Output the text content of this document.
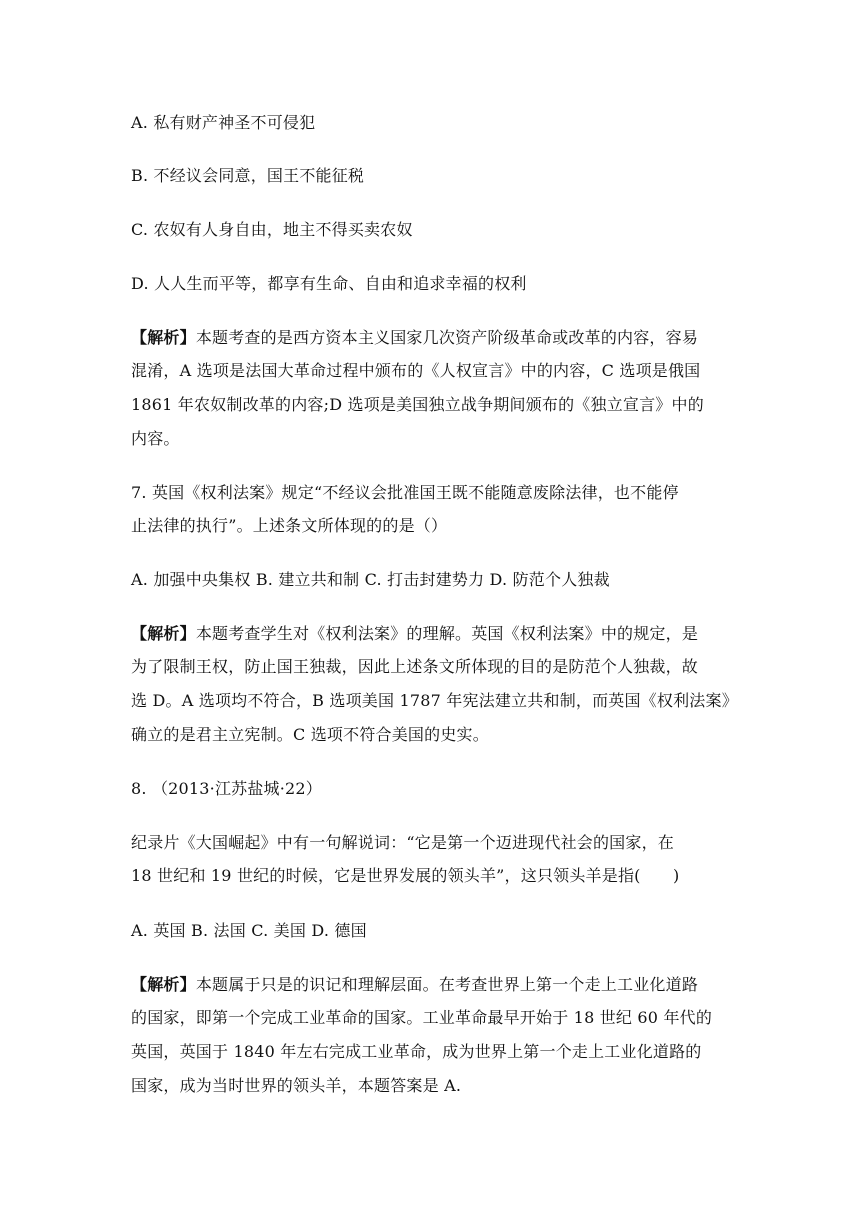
A. 私有财产神圣不可侵犯
B. 不经议会同意，国王不能征税
C. 农奴有人身自由，地主不得买卖农奴
D. 人人生而平等，都享有生命、自由和追求幸福的权利
【解析】本题考查的是西方资本主义国家几次资产阶级革命或改革的内容，容易
混淆，A 选项是法国大革命过程中颁布的《人权宣言》中的内容，C 选项是俄国
1861 年农奴制改革的内容;D 选项是美国独立战争期间颁布的《独立宣言》中的
内容。
7. 英国《权利法案》规定“不经议会批准国王既不能随意废除法律，也不能停
止法律的执行”。上述条文所体现的的是（）
A. 加强中央集权 B. 建立共和制 C. 打击封建势力 D. 防范个人独裁
【解析】本题考查学生对《权利法案》的理解。英国《权利法案》中的规定，是
为了限制王权，防止国王独裁，因此上述条文所体现的目的是防范个人独裁，故
选 D。A 选项均不符合，B 选项美国 1787 年宪法建立共和制，而英国《权利法案》
确立的是君主立宪制。C 选项不符合美国的史实。
8. （2013·江苏盐城·22）
纪录片《大国崛起》中有一句解说词：“它是第一个迈进现代社会的国家，在
18 世纪和 19 世纪的时候，它是世界发展的领头羊”，这只领头羊是指(　　)
A. 英国 B. 法国 C. 美国 D. 德国
【解析】本题属于只是的识记和理解层面。在考查世界上第一个走上工业化道路
的国家，即第一个完成工业革命的国家。工业革命最早开始于 18 世纪 60 年代的
英国，英国于 1840 年左右完成工业革命，成为世界上第一个走上工业化道路的
国家，成为当时世界的领头羊，本题答案是 A.
